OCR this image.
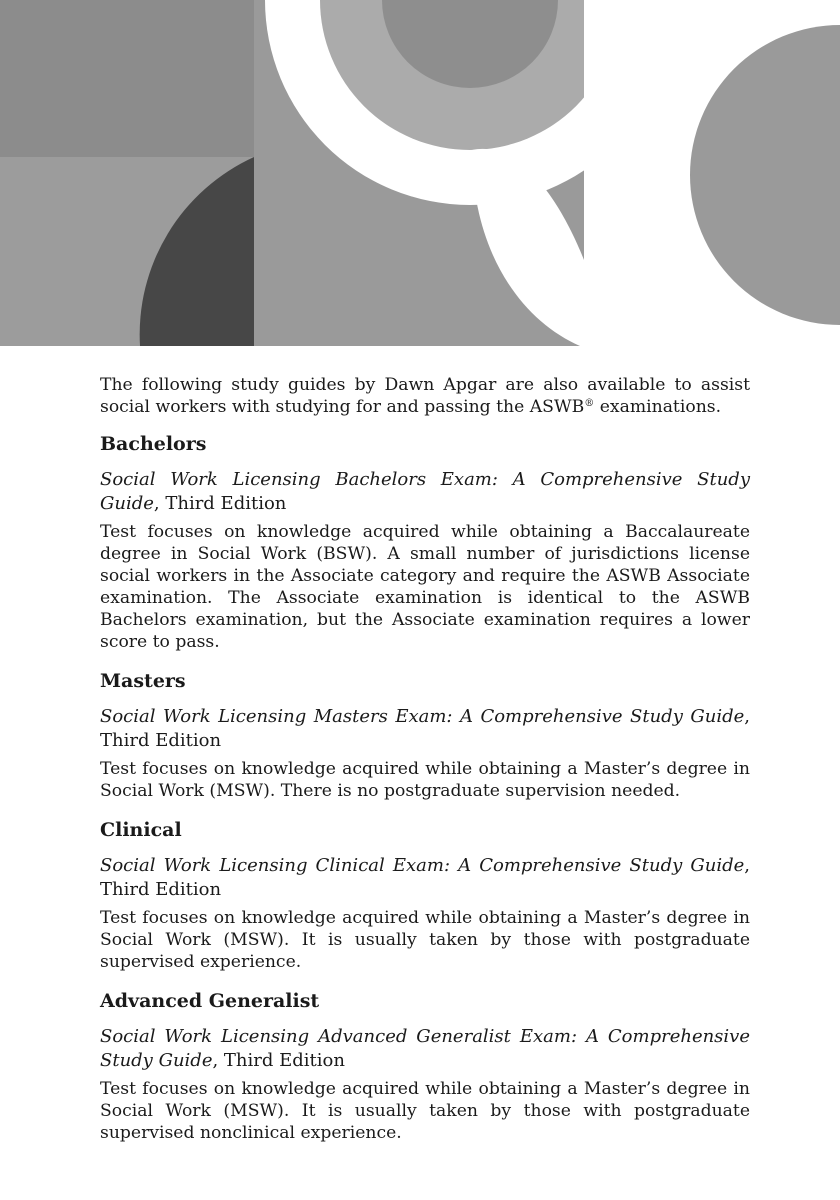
The following study guides by Dawn Apgar are also available to assist social workers with studying for and passing the ASWB® examinations.

Bachelors

Social Work Licensing Bachelors Exam: A Comprehensive Study Guide, Third Edition

Test focuses on knowledge acquired while obtaining a Baccalaureate degree in Social Work (BSW). A small number of jurisdictions license social workers in the Associate category and require the ASWB Associate examination. The Associate examination is identical to the ASWB Bachelors examination, but the Associate examination requires a lower score to pass.

Masters

Social Work Licensing Masters Exam: A Comprehensive Study Guide, Third Edition

Test focuses on knowledge acquired while obtaining a Master’s degree in Social Work (MSW). There is no postgraduate supervision needed.

Clinical

Social Work Licensing Clinical Exam: A Comprehensive Study Guide, Third Edition

Test focuses on knowledge acquired while obtaining a Master’s degree in Social Work (MSW). It is usually taken by those with postgraduate supervised experience.

Advanced Generalist

Social Work Licensing Advanced Generalist Exam: A Comprehensive Study Guide, Third Edition

Test focuses on knowledge acquired while obtaining a Master’s degree in Social Work (MSW). It is usually taken by those with postgraduate supervised nonclinical experience.
